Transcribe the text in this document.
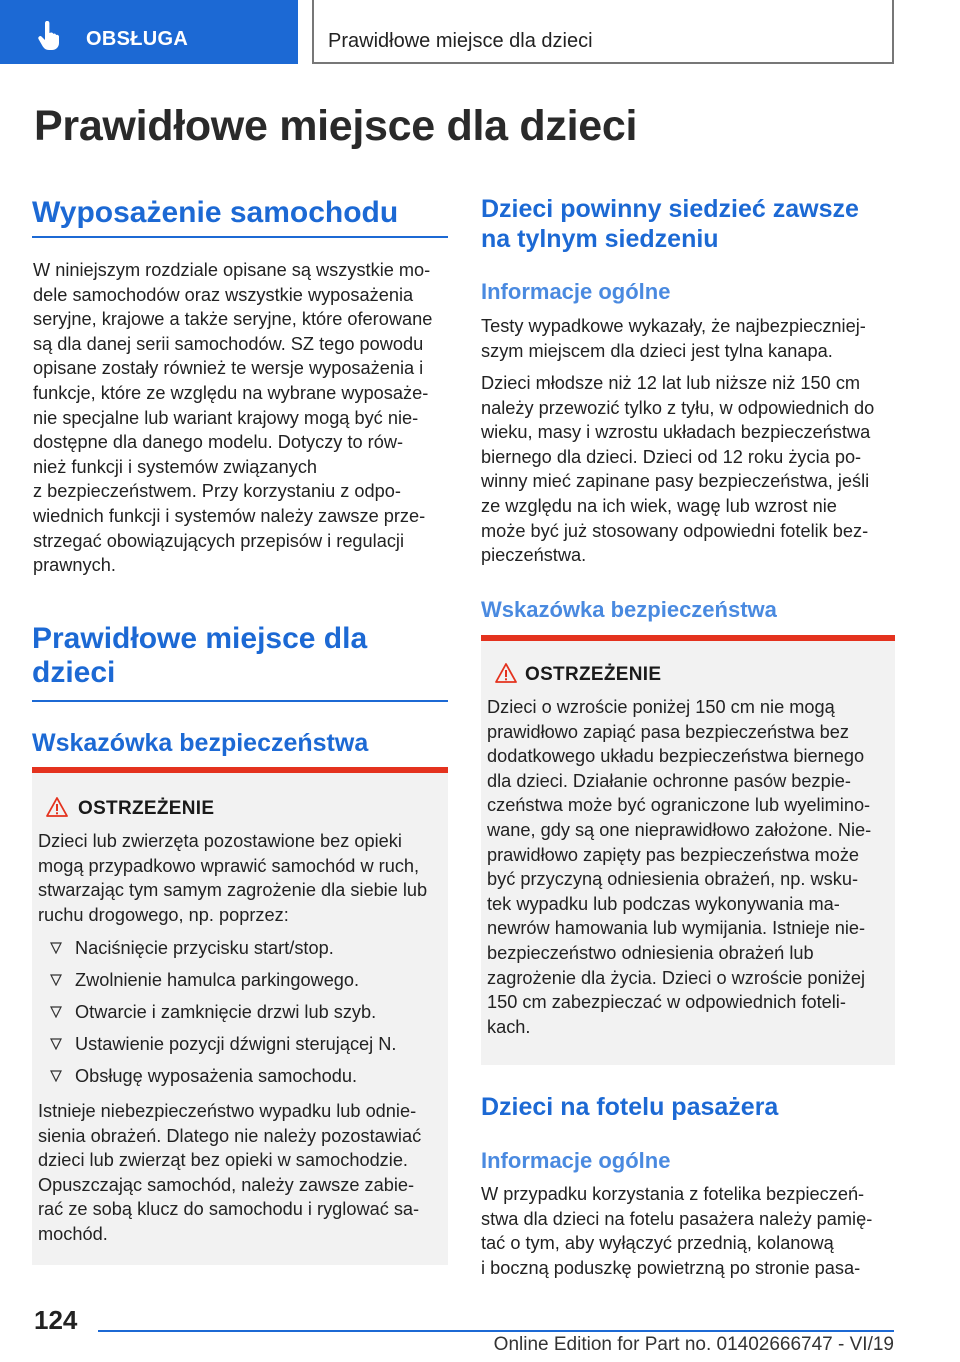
OBSŁUGA	Prawidłowe miejsce dla dzieci
Prawidłowe miejsce dla dzieci
Wyposażenie samochodu
W niniejszym rozdziale opisane są wszystkie mo-
dele samochodów oraz wszystkie wyposażenia
seryjne, krajowe a także seryjne, które oferowane
są dla danej serii samochodów. SZ tego powodu
opisane zostały również te wersje wyposażenia i
funkcje, które ze względu na wybrane wyposaże-
nie specjalne lub wariant krajowy mogą być nie-
dostępne dla danego modelu. Dotyczy to rów-
nież funkcji i systemów związanych
z bezpieczeństwem. Przy korzystaniu z odpo-
wiednich funkcji i systemów należy zawsze prze-
strzegać obowiązujących przepisów i regulacji
prawnych.
Prawidłowe miejsce dla
dzieci
Wskazówka bezpieczeństwa
OSTRZEŻENIE
Dzieci lub zwierzęta pozostawione bez opieki
mogą przypadkowo wprawić samochód w ruch,
stwarzając tym samym zagrożenie dla siebie lub
ruchu drogowego, np. poprzez:
Naciśnięcie przycisku start/stop.
Zwolnienie hamulca parkingowego.
Otwarcie i zamknięcie drzwi lub szyb.
Ustawienie pozycji dźwigni sterującej N.
Obsługę wyposażenia samochodu.
Istnieje niebezpieczeństwo wypadku lub odnie-
sienia obrażeń. Dlatego nie należy pozostawiać
dzieci lub zwierząt bez opieki w samochodzie.
Opuszczając samochód, należy zawsze zabie-
rać ze sobą klucz do samochodu i ryglować sa-
mochód.
Dzieci powinny siedzieć zawsze
na tylnym siedzeniu
Informacje ogólne
Testy wypadkowe wykazały, że najbezpieczniej-
szym miejscem dla dzieci jest tylna kanapa.
Dzieci młodsze niż 12 lat lub niższe niż 150 cm
należy przewozić tylko z tyłu, w odpowiednich do
wieku, masy i wzrostu układach bezpieczeństwa
biernego dla dzieci. Dzieci od 12 roku życia po-
winny mieć zapinane pasy bezpieczeństwa, jeśli
ze względu na ich wiek, wagę lub wzrost nie
może być już stosowany odpowiedni fotelik bez-
pieczeństwa.
Wskazówka bezpieczeństwa
OSTRZEŻENIE
Dzieci o wzroście poniżej 150 cm nie mogą
prawidłowo zapiąć pasa bezpieczeństwa bez
dodatkowego układu bezpieczeństwa biernego
dla dzieci. Działanie ochronne pasów bezpie-
czeństwa może być ograniczone lub wyelimino-
wane, gdy są one nieprawidłowo założone. Nie-
prawidłowo zapięty pas bezpieczeństwa może
być przyczyną odniesienia obrażeń, np. wsku-
tek wypadku lub podczas wykonywania ma-
newrów hamowania lub wymijania. Istnieje nie-
bezpieczeństwo odniesienia obrażeń lub
zagrożenie dla życia. Dzieci o wzroście poniżej
150 cm zabezpieczać w odpowiednich foteli-
kach.
Dzieci na fotelu pasażera
Informacje ogólne
W przypadku korzystania z fotelika bezpieczeń-
stwa dla dzieci na fotelu pasażera należy pamię-
tać o tym, aby wyłączyć przednią, kolanową
i boczną poduszkę powietrzną po stronie pasa-
124
Online Edition for Part no. 01402666747 - VI/19
